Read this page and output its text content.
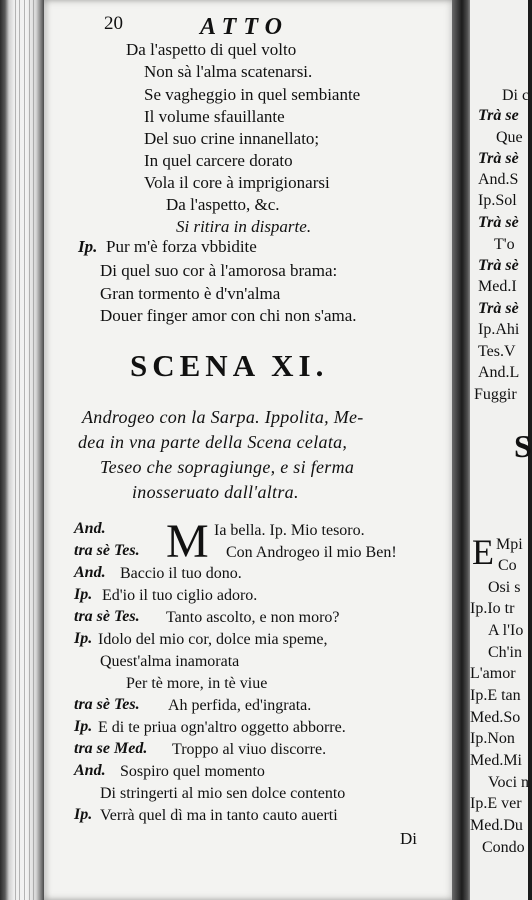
20	ATTO
Da l'aspetto di quel volto
Non sà l'alma scatenarsi.
Se vagheggio in quel sembiante
Il volume sfauillante
Del suo crine innanellato;
In quel carcere dorato
Vola il core à imprigionarsi
Da l'aspetto, &c.
Si ritira in disparte.
Ip. Pur m'è forza vbbidite
Di quel suo cor à l'amorosa brama:
Gran tormento è d'vn'alma
Douer finger amor con chi non s'ama.
SCENA XI.
Androgeo con la Sarpa. Ippolita, Me-
dea in vna parte della Scena celata,
Teseo che sopragiunge, e si ferma
inosseruato dall'altra.
M
And.	Ia bella. Ip. Mio tesoro.
tra sè Tes.	Con Androgeo il mio Ben!
And. Baccio il tuo dono.
Ip. Ed'io il tuo ciglio adoro.
tra sè Tes. Tanto ascolto, e non moro?
Ip. Idolo del mio cor, dolce mia speme,
Quest'alma inamorata
Per tè more, in tè viue
tra sè Tes. Ah perfida, ed'ingrata.
Ip. E di te priua ogn'altro oggetto abborre.
tra se Med. Troppo al viuo discorre.
And. Sospiro quel momento
Di stringerti al mio sen dolce contento
Ip. Verrà quel dì ma in tanto cauto auerti
Di
Di c
Trà se
Que
Trà sè
And.S
Ip.Sol
Trà sè
T'o
Trà sè
Med.I
Trà sè
Ip.Ahi
Tes.V
And.L
Fuggir
S
E Mpi
Co
Osi s
Ip.Io tr
A l'Io
Ch'in
L'amor
Ip.E tan
Med.So
Ip.Non
Med.Mi
Voci n
Ip.E ver
Med.Du
Condo
